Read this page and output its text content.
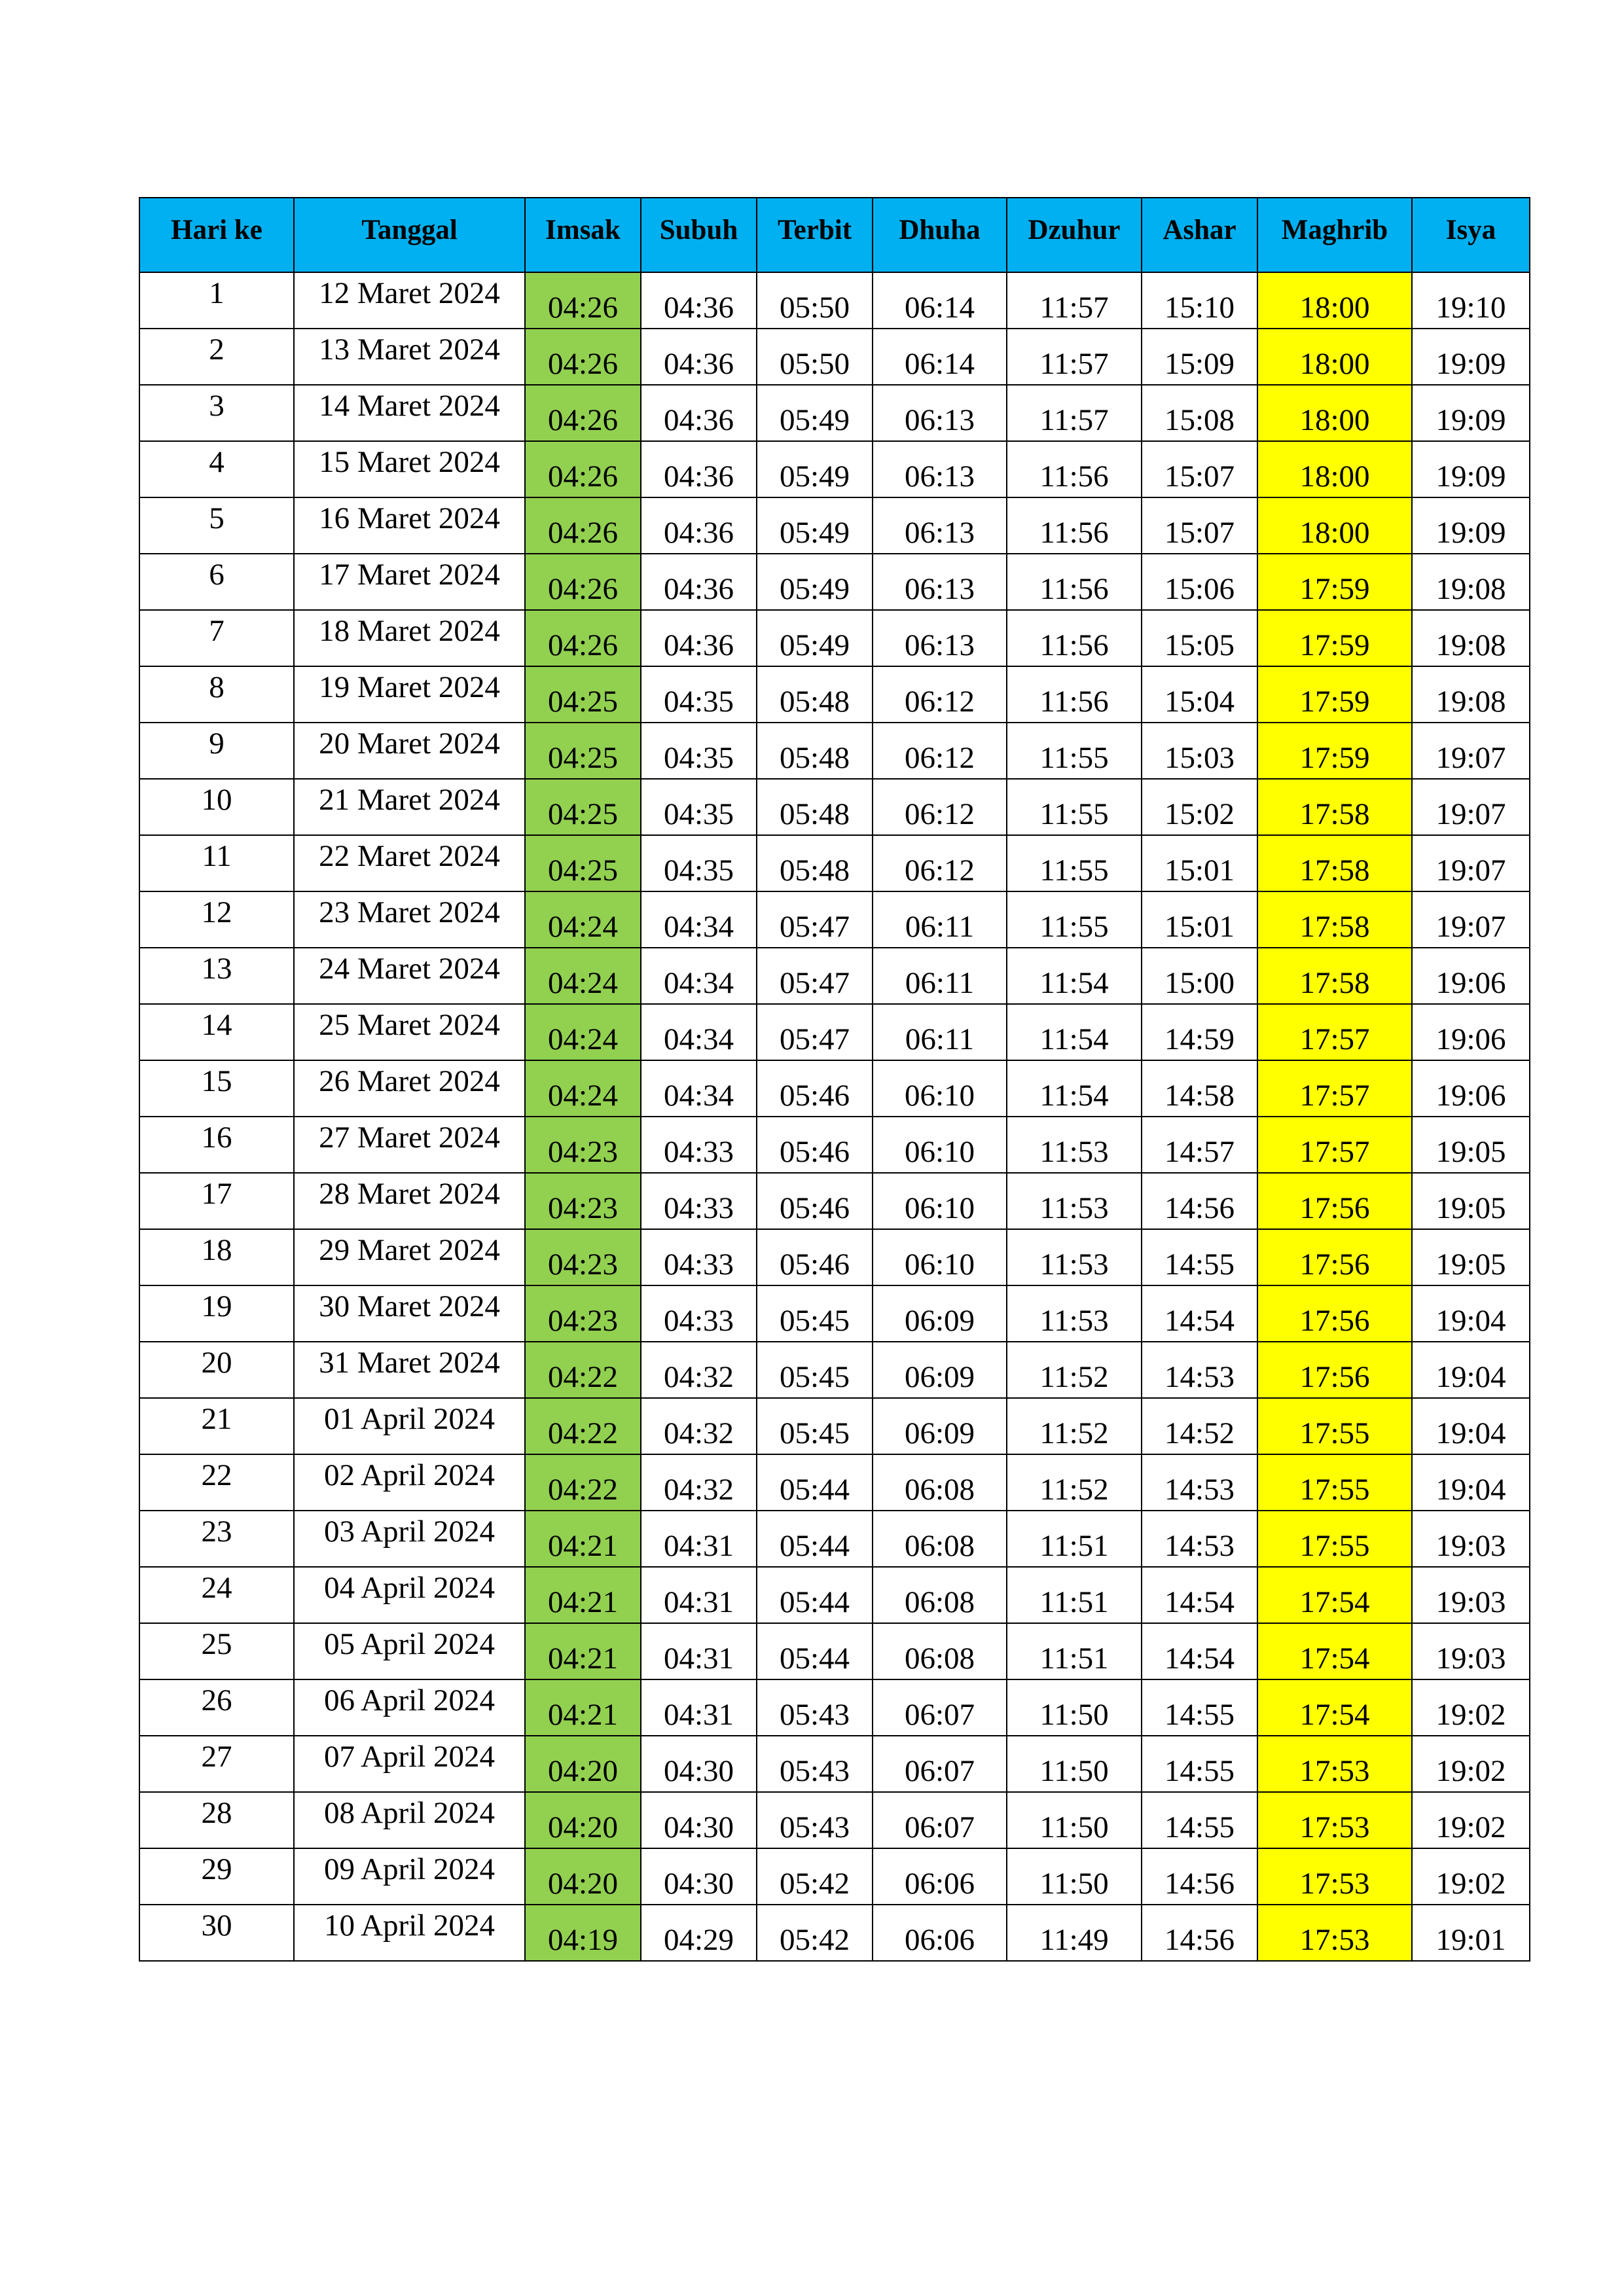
Hari ke	Tanggal	Imsak	Subuh	Terbit	Dhuha	Dzuhur	Ashar	Maghrib	Isya
1	12 Maret 2024	04:26	04:36	05:50	06:14	11:57	15:10	18:00	19:10
2	13 Maret 2024	04:26	04:36	05:50	06:14	11:57	15:09	18:00	19:09
3	14 Maret 2024	04:26	04:36	05:49	06:13	11:57	15:08	18:00	19:09
4	15 Maret 2024	04:26	04:36	05:49	06:13	11:56	15:07	18:00	19:09
5	16 Maret 2024	04:26	04:36	05:49	06:13	11:56	15:07	18:00	19:09
6	17 Maret 2024	04:26	04:36	05:49	06:13	11:56	15:06	17:59	19:08
7	18 Maret 2024	04:26	04:36	05:49	06:13	11:56	15:05	17:59	19:08
8	19 Maret 2024	04:25	04:35	05:48	06:12	11:56	15:04	17:59	19:08
9	20 Maret 2024	04:25	04:35	05:48	06:12	11:55	15:03	17:59	19:07
10	21 Maret 2024	04:25	04:35	05:48	06:12	11:55	15:02	17:58	19:07
11	22 Maret 2024	04:25	04:35	05:48	06:12	11:55	15:01	17:58	19:07
12	23 Maret 2024	04:24	04:34	05:47	06:11	11:55	15:01	17:58	19:07
13	24 Maret 2024	04:24	04:34	05:47	06:11	11:54	15:00	17:58	19:06
14	25 Maret 2024	04:24	04:34	05:47	06:11	11:54	14:59	17:57	19:06
15	26 Maret 2024	04:24	04:34	05:46	06:10	11:54	14:58	17:57	19:06
16	27 Maret 2024	04:23	04:33	05:46	06:10	11:53	14:57	17:57	19:05
17	28 Maret 2024	04:23	04:33	05:46	06:10	11:53	14:56	17:56	19:05
18	29 Maret 2024	04:23	04:33	05:46	06:10	11:53	14:55	17:56	19:05
19	30 Maret 2024	04:23	04:33	05:45	06:09	11:53	14:54	17:56	19:04
20	31 Maret 2024	04:22	04:32	05:45	06:09	11:52	14:53	17:56	19:04
21	01 April 2024	04:22	04:32	05:45	06:09	11:52	14:52	17:55	19:04
22	02 April 2024	04:22	04:32	05:44	06:08	11:52	14:53	17:55	19:04
23	03 April 2024	04:21	04:31	05:44	06:08	11:51	14:53	17:55	19:03
24	04 April 2024	04:21	04:31	05:44	06:08	11:51	14:54	17:54	19:03
25	05 April 2024	04:21	04:31	05:44	06:08	11:51	14:54	17:54	19:03
26	06 April 2024	04:21	04:31	05:43	06:07	11:50	14:55	17:54	19:02
27	07 April 2024	04:20	04:30	05:43	06:07	11:50	14:55	17:53	19:02
28	08 April 2024	04:20	04:30	05:43	06:07	11:50	14:55	17:53	19:02
29	09 April 2024	04:20	04:30	05:42	06:06	11:50	14:56	17:53	19:02
30	10 April 2024	04:19	04:29	05:42	06:06	11:49	14:56	17:53	19:01
